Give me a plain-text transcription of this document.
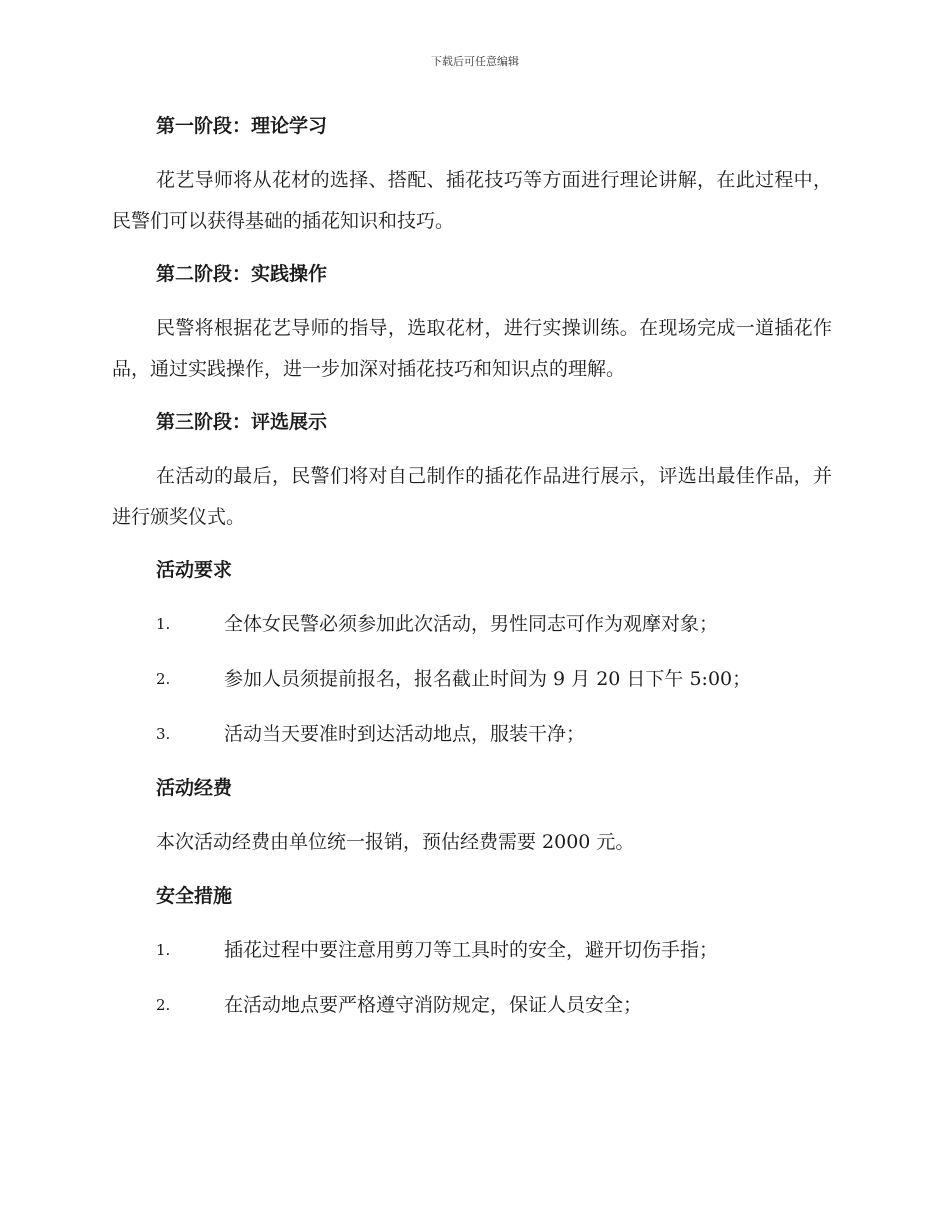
下载后可任意编辑

第一阶段：理论学习

花艺导师将从花材的选择、搭配、插花技巧等方面进行理论讲解，在此过程中，民警们可以获得基础的插花知识和技巧。

第二阶段：实践操作

民警将根据花艺导师的指导，选取花材，进行实操训练。在现场完成一道插花作品，通过实践操作，进一步加深对插花技巧和知识点的理解。

第三阶段：评选展示

在活动的最后，民警们将对自己制作的插花作品进行展示，评选出最佳作品，并进行颁奖仪式。

活动要求

1.	全体女民警必须参加此次活动，男性同志可作为观摩对象；
2.	参加人员须提前报名，报名截止时间为 9 月 20 日下午 5:00；
3.	活动当天要准时到达活动地点，服装干净；

活动经费

本次活动经费由单位统一报销，预估经费需要 2000 元。

安全措施

1.	插花过程中要注意用剪刀等工具时的安全，避开切伤手指；
2.	在活动地点要严格遵守消防规定，保证人员安全；
